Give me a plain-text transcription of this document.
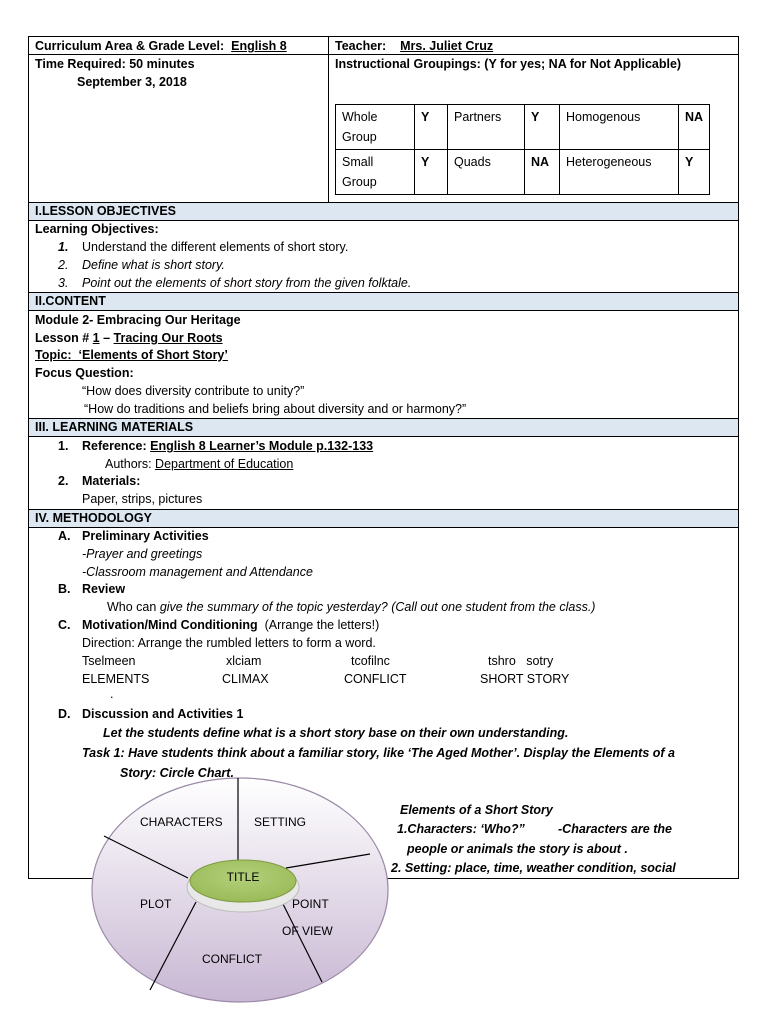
Curriculum Area & Grade Level: English 8	Teacher: Mrs. Juliet Cruz
Time Required: 50 minutes
September 3, 2018
Instructional Groupings: (Y for yes; NA for Not Applicable)
Whole Group	Y	Partners	Y	Homogenous	NA
Small Group	Y	Quads	NA	Heterogeneous	Y
I.LESSON OBJECTIVES
Learning Objectives:
1. Understand the different elements of short story.
2. Define what is short story.
3. Point out the elements of short story from the given folktale.
II.CONTENT
Module 2- Embracing Our Heritage
Lesson # 1 – Tracing Our Roots
Topic: ‘Elements of Short Story’
Focus Question:
“How does diversity contribute to unity?”
“How do traditions and beliefs bring about diversity and or harmony?”
III. LEARNING MATERIALS
1. Reference: English 8 Learner’s Module p.132-133
Authors: Department of Education
2. Materials:
Paper, strips, pictures
IV. METHODOLOGY
A. Preliminary Activities
-Prayer and greetings
-Classroom management and Attendance
B. Review
Who can give the summary of the topic yesterday? (Call out one student from the class.)
C. Motivation/Mind Conditioning (Arrange the letters!)
Direction: Arrange the rumbled letters to form a word.
Tselmeen	xlciam	tcofilnc	tshro   sotry
ELEMENTS	CLIMAX	CONFLICT	SHORT STORY
.
D. Discussion and Activities 1
Let the students define what is a short story base on their own understanding.
Task 1: Have students think about a familiar story, like ‘The Aged Mother’. Display the Elements of a
Story: Circle Chart.
Elements of a Short Story
1.Characters: ‘Who?”	-Characters are the
people or animals the story is about .
2. Setting: place, time, weather condition, social
TITLE
CHARACTERS	SETTING
PLOT	POINT
OF VIEW
CONFLICT
